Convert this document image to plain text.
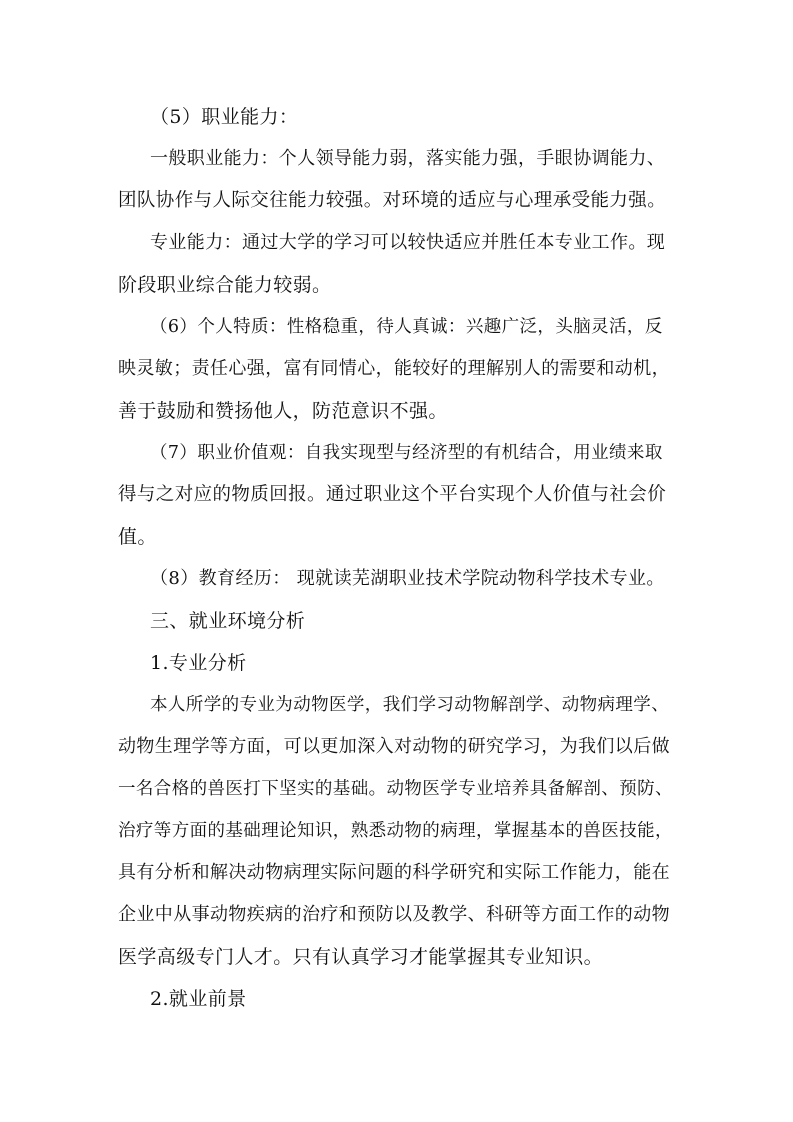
（5）职业能力：
一般职业能力：个人领导能力弱，落实能力强，手眼协调能力、
团队协作与人际交往能力较强。对环境的适应与心理承受能力强。
专业能力：通过大学的学习可以较快适应并胜任本专业工作。现
阶段职业综合能力较弱。
（6）个人特质：性格稳重，待人真诚：兴趣广泛，头脑灵活，反
映灵敏；责任心强，富有同情心，能较好的理解别人的需要和动机，
善于鼓励和赞扬他人，防范意识不强。
（7）职业价值观：自我实现型与经济型的有机结合，用业绩来取
得与之对应的物质回报。通过职业这个平台实现个人价值与社会价
值。
（8）教育经历： 现就读芜湖职业技术学院动物科学技术专业。
三、就业环境分析
1.专业分析
本人所学的专业为动物医学，我们学习动物解剖学、动物病理学、
动物生理学等方面，可以更加深入对动物的研究学习，为我们以后做
一名合格的兽医打下坚实的基础。动物医学专业培养具备解剖、预防、
治疗等方面的基础理论知识，熟悉动物的病理，掌握基本的兽医技能，
具有分析和解决动物病理实际问题的科学研究和实际工作能力，能在
企业中从事动物疾病的治疗和预防以及教学、科研等方面工作的动物
医学高级专门人才。只有认真学习才能掌握其专业知识。
2.就业前景
